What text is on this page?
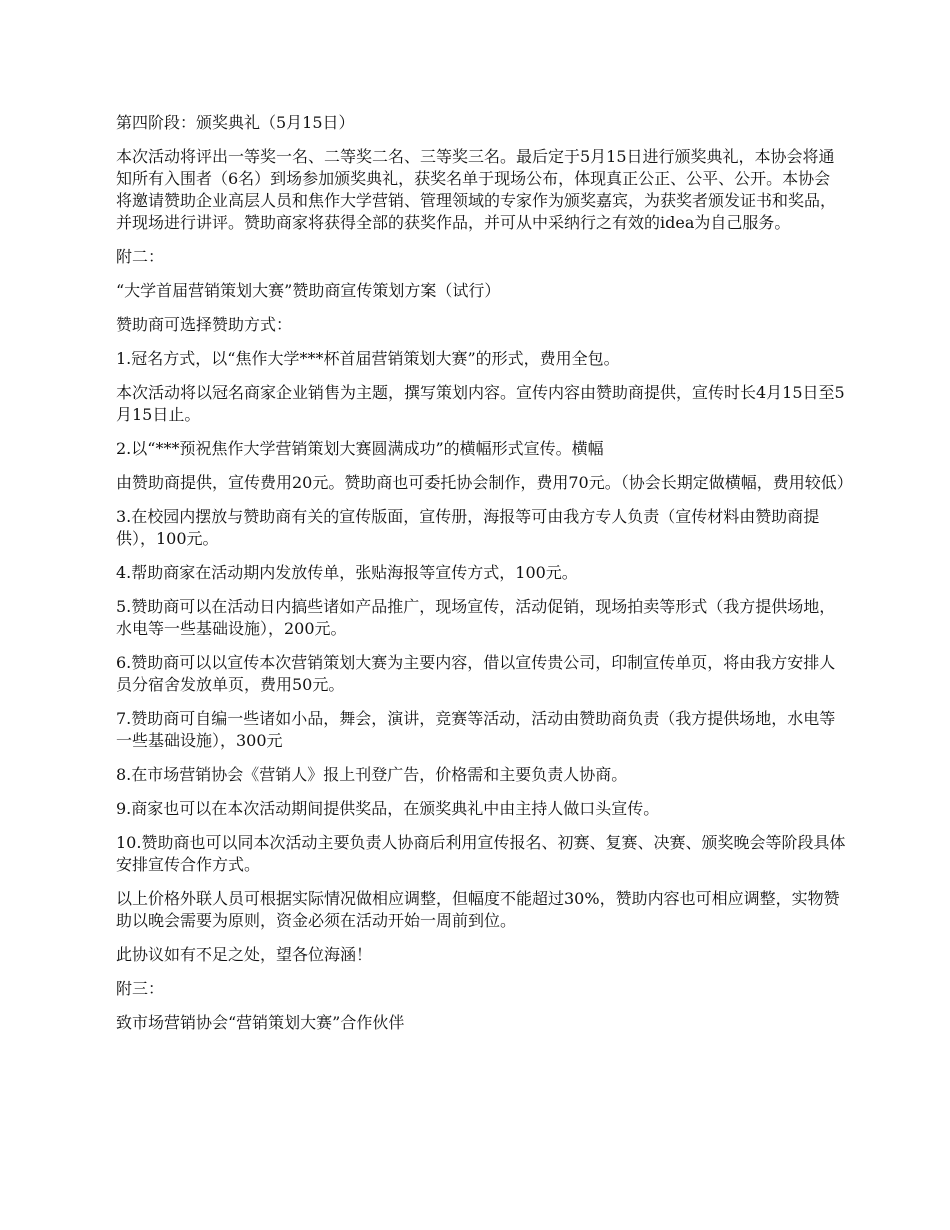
第四阶段：颁奖典礼（5月15日）

本次活动将评出一等奖一名、二等奖二名、三等奖三名。最后定于5月15日进行颁奖典礼，本协会将通知所有入围者（6名）到场参加颁奖典礼，获奖名单于现场公布，体现真正公正、公平、公开。本协会将邀请赞助企业高层人员和焦作大学营销、管理领域的专家作为颁奖嘉宾，为获奖者颁发证书和奖品，并现场进行讲评。赞助商家将获得全部的获奖作品，并可从中采纳行之有效的idea为自己服务。

附二：

“大学首届营销策划大赛”赞助商宣传策划方案（试行）

赞助商可选择赞助方式：

1.冠名方式，以“焦作大学***杯首届营销策划大赛”的形式，费用全包。

本次活动将以冠名商家企业销售为主题，撰写策划内容。宣传内容由赞助商提供，宣传时长4月15日至5月15日止。

2.以“***预祝焦作大学营销策划大赛圆满成功”的横幅形式宣传。横幅

由赞助商提供，宣传费用20元。赞助商也可委托协会制作，费用70元。（协会长期定做横幅，费用较低）

3.在校园内摆放与赞助商有关的宣传版面，宣传册，海报等可由我方专人负责（宣传材料由赞助商提供），100元。

4.帮助商家在活动期内发放传单，张贴海报等宣传方式，100元。

5.赞助商可以在活动日内搞些诸如产品推广，现场宣传，活动促销，现场拍卖等形式（我方提供场地，水电等一些基础设施），200元。

6.赞助商可以以宣传本次营销策划大赛为主要内容，借以宣传贵公司，印制宣传单页，将由我方安排人员分宿舍发放单页，费用50元。

7.赞助商可自编一些诸如小品，舞会，演讲，竞赛等活动，活动由赞助商负责（我方提供场地，水电等一些基础设施），300元

8.在市场营销协会《营销人》报上刊登广告，价格需和主要负责人协商。

9.商家也可以在本次活动期间提供奖品，在颁奖典礼中由主持人做口头宣传。

10.赞助商也可以同本次活动主要负责人协商后利用宣传报名、初赛、复赛、决赛、颁奖晚会等阶段具体安排宣传合作方式。

以上价格外联人员可根据实际情况做相应调整，但幅度不能超过30%，赞助内容也可相应调整，实物赞助以晚会需要为原则，资金必须在活动开始一周前到位。

此协议如有不足之处，望各位海涵！

附三：

致市场营销协会“营销策划大赛”合作伙伴
